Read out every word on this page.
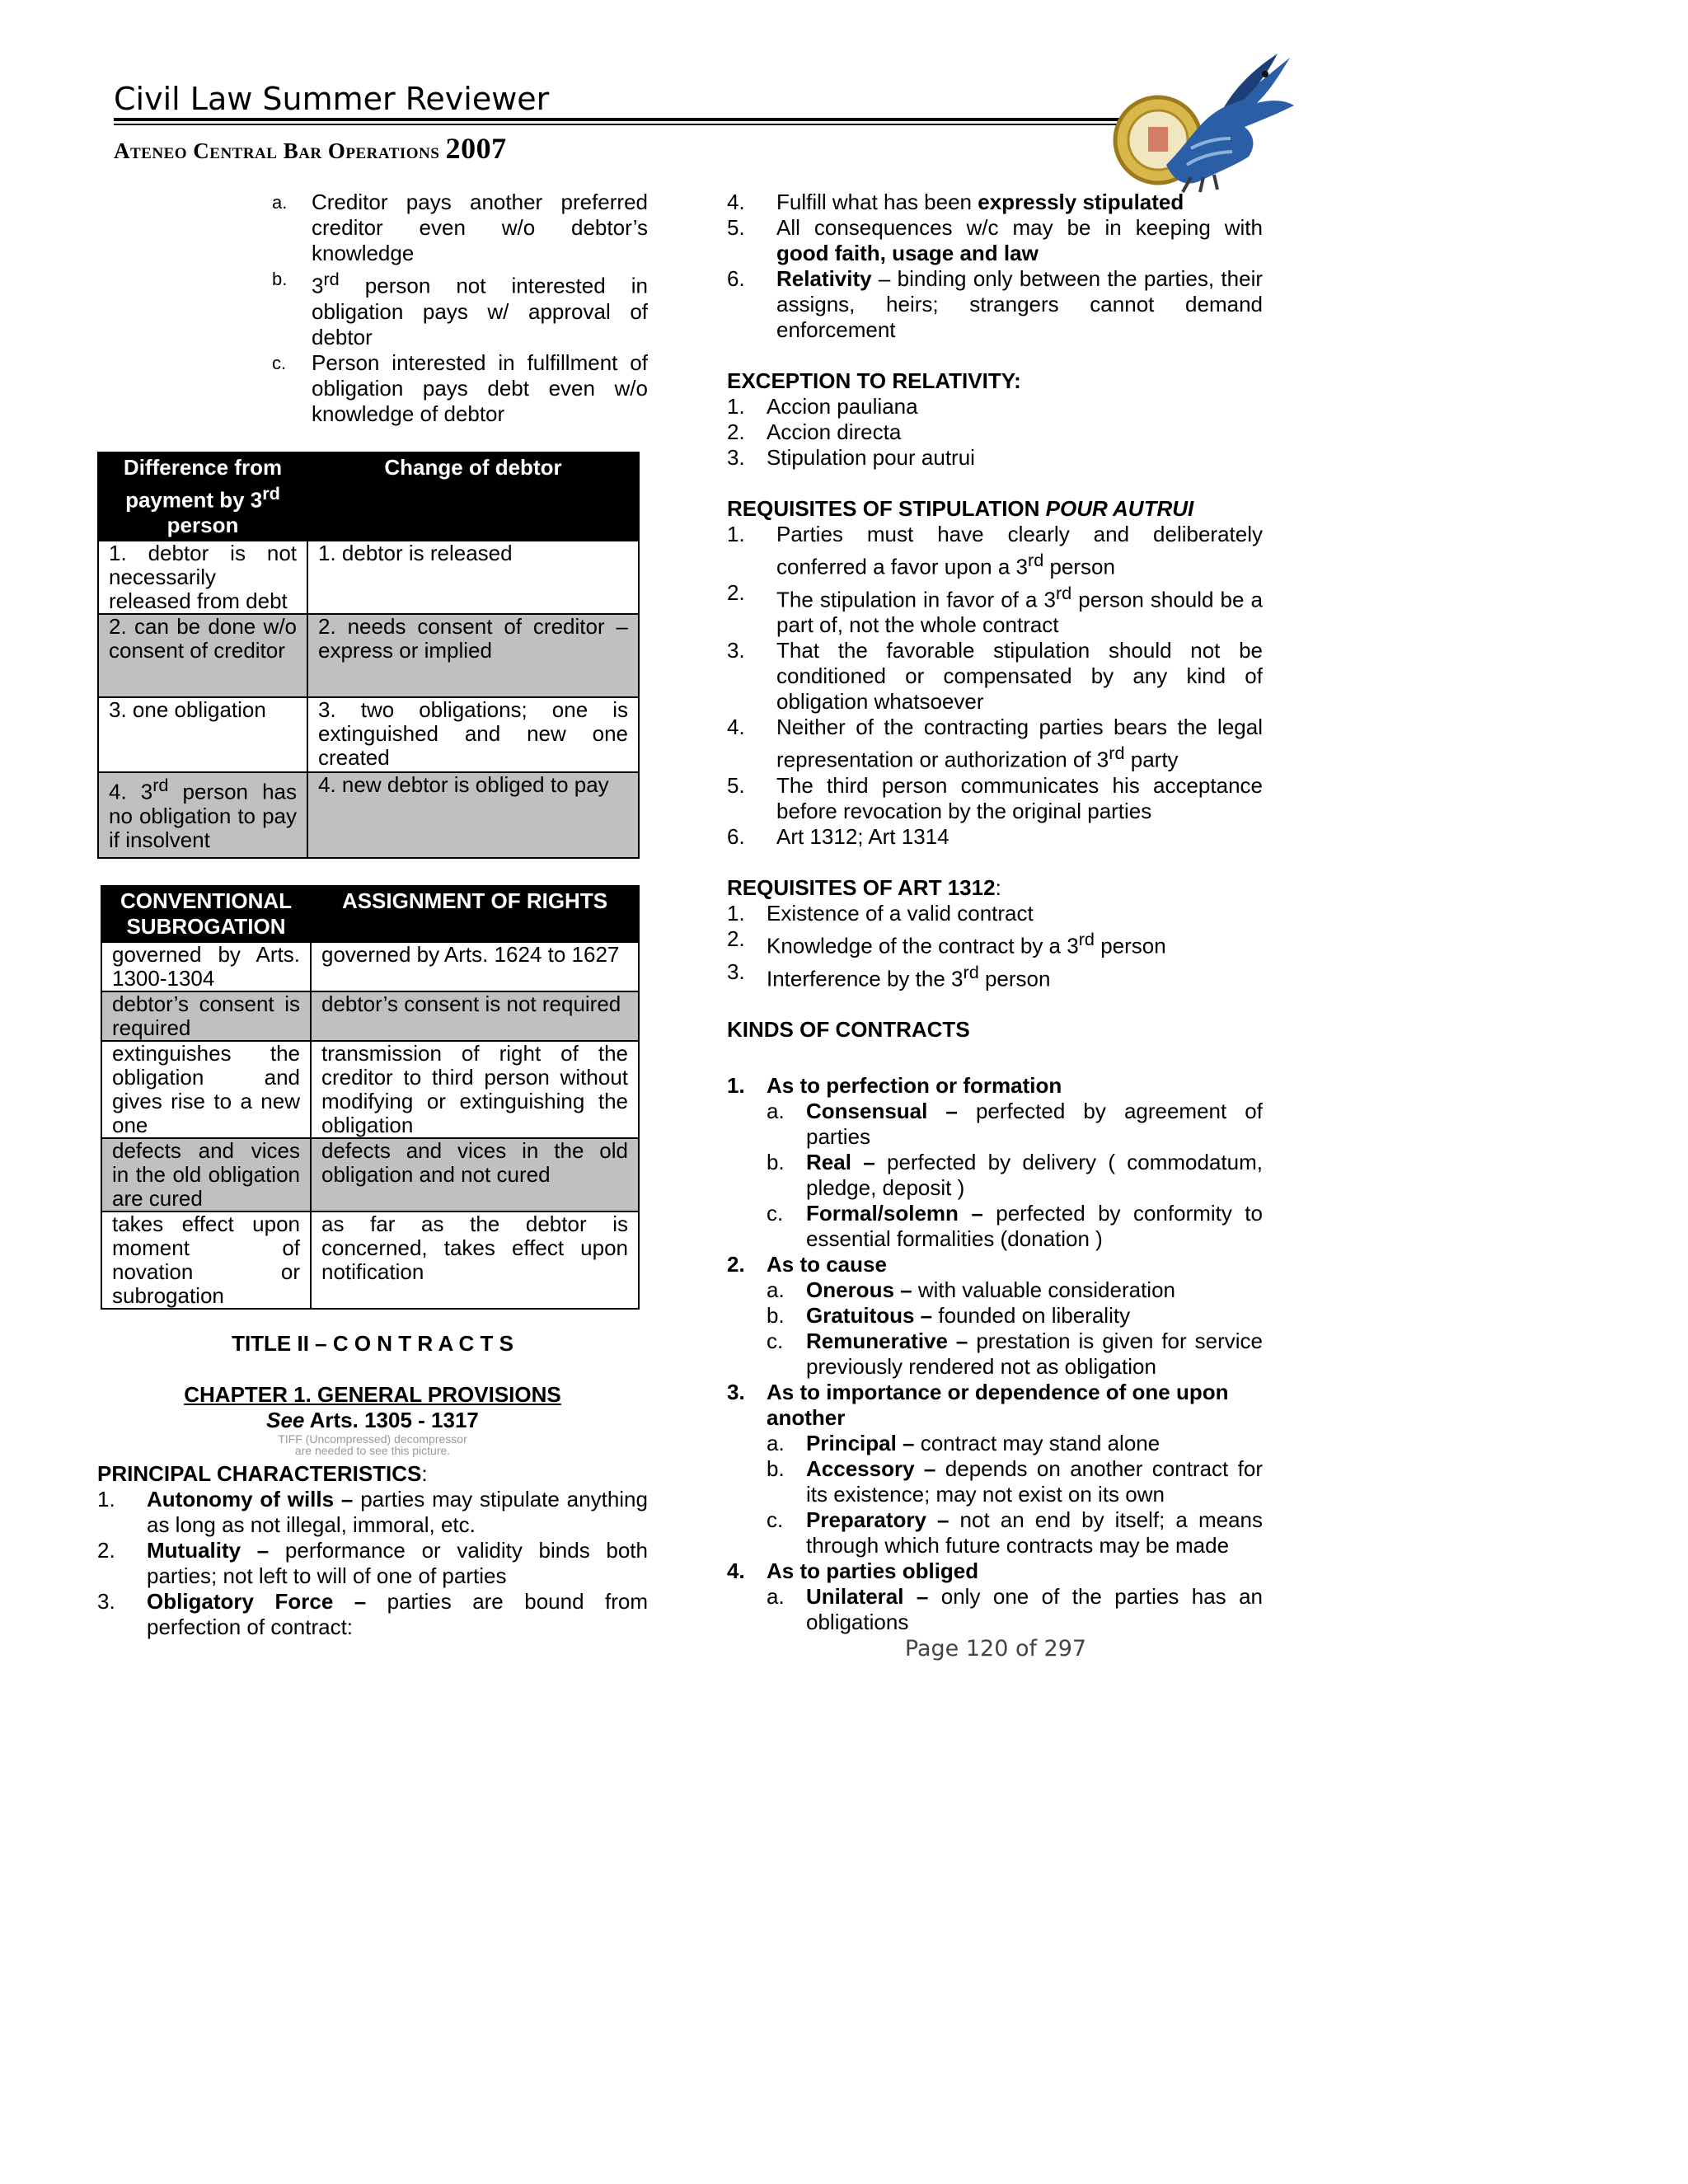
Civil Law Summer Reviewer
Ateneo Central Bar Operations 2007
a. Creditor pays another preferred creditor even w/o debtor’s knowledge
b. 3rd person not interested in obligation pays w/ approval of debtor
c. Person interested in fulfillment of obligation pays debt even w/o knowledge of debtor
Difference from payment by 3rd person	Change of debtor
1. debtor is not necessarily released from debt	1. debtor is released
2. can be done w/o consent of creditor	2. needs consent of creditor – express or implied
3. one obligation	3. two obligations; one is extinguished and new one created
4. 3rd person has no obligation to pay if insolvent	4. new debtor is obliged to pay
CONVENTIONAL SUBROGATION	ASSIGNMENT OF RIGHTS
governed by Arts. 1300-1304	governed by Arts. 1624 to 1627
debtor’s consent is required	debtor’s consent is not required
extinguishes the obligation and gives rise to a new one	transmission of right of the creditor to third person without modifying or extinguishing the obligation
defects and vices in the old obligation are cured	defects and vices in the old obligation and not cured
takes effect upon moment of novation or subrogation	as far as the debtor is concerned, takes effect upon notification
TITLE II – C O N T R A C T S
CHAPTER 1. GENERAL PROVISIONS
See Arts. 1305 - 1317
TIFF (Uncompressed) decompressor
are needed to see this picture.
PRINCIPAL CHARACTERISTICS:
1. Autonomy of wills – parties may stipulate anything as long as not illegal, immoral, etc.
2. Mutuality – performance or validity binds both parties; not left to will of one of parties
3. Obligatory Force – parties are bound from perfection of contract:
4. Fulfill what has been expressly stipulated
5. All consequences w/c may be in keeping with good faith, usage and law
6. Relativity – binding only between the parties, their assigns, heirs; strangers cannot demand enforcement
EXCEPTION TO RELATIVITY:
1. Accion pauliana
2. Accion directa
3. Stipulation pour autrui
REQUISITES OF STIPULATION POUR AUTRUI
1. Parties must have clearly and deliberately conferred a favor upon a 3rd person
2. The stipulation in favor of a 3rd person should be a part of, not the whole contract
3. That the favorable stipulation should not be conditioned or compensated by any kind of obligation whatsoever
4. Neither of the contracting parties bears the legal representation or authorization of 3rd party
5. The third person communicates his acceptance before revocation by the original parties
6. Art 1312; Art 1314
REQUISITES OF ART 1312:
1. Existence of a valid contract
2. Knowledge of the contract by a 3rd person
3. Interference by the 3rd person
KINDS OF CONTRACTS
1. As to perfection or formation
a. Consensual – perfected by agreement of parties
b. Real – perfected by delivery ( commodatum, pledge, deposit )
c. Formal/solemn – perfected by conformity to essential formalities (donation )
2. As to cause
a. Onerous – with valuable consideration
b. Gratuitous – founded on liberality
c. Remunerative – prestation is given for service previously rendered not as obligation
3. As to importance or dependence of one upon another
a. Principal – contract may stand alone
b. Accessory – depends on another contract for its existence; may not exist on its own
c. Preparatory – not an end by itself; a means through which future contracts may be made
4. As to parties obliged
a. Unilateral – only one of the parties has an obligations
Page 120 of 297
